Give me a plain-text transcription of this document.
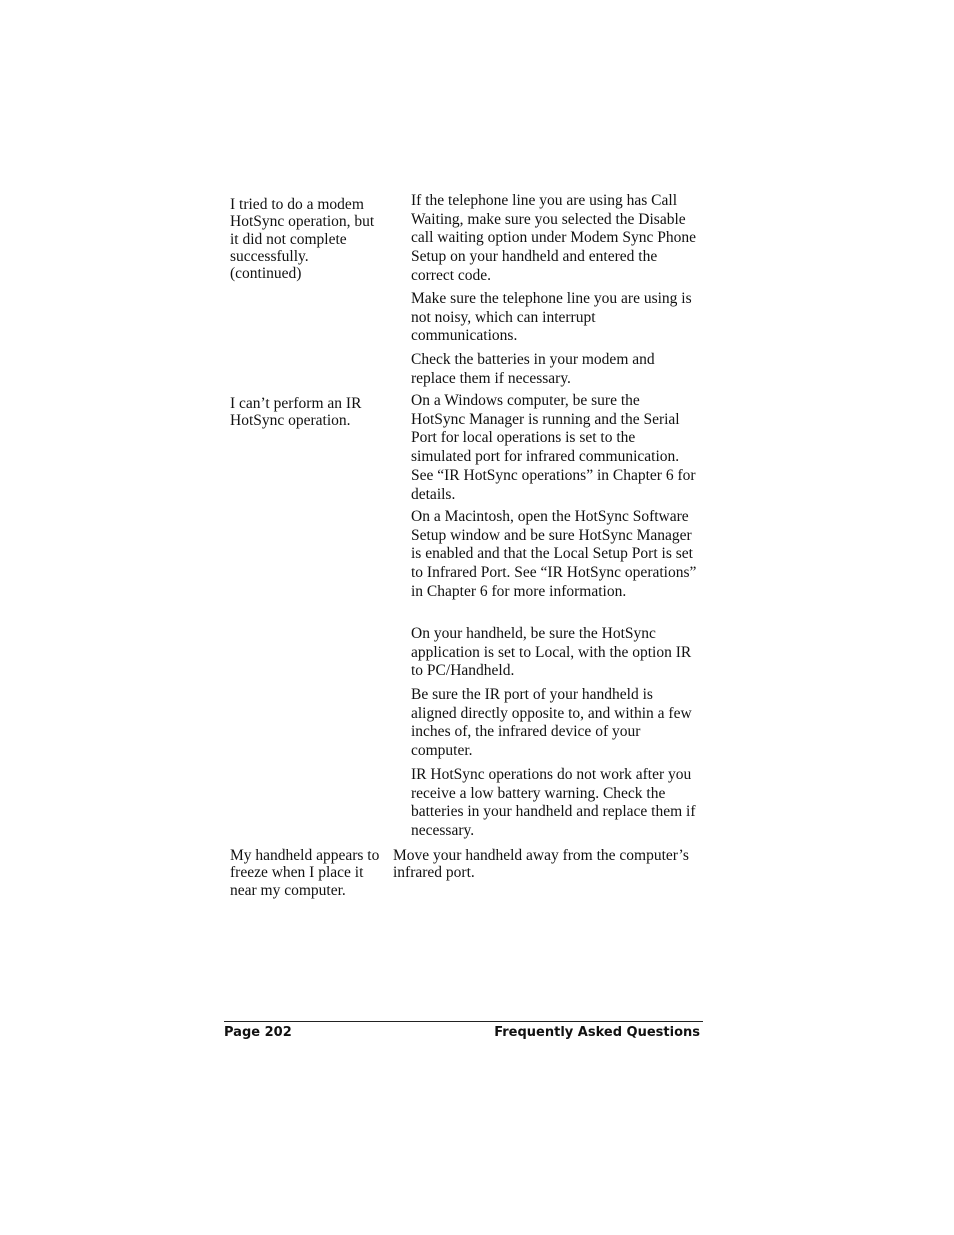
I tried to do a modem HotSync operation, but it did not complete successfully. (continued)

If the telephone line you are using has Call Waiting, make sure you selected the Disable call waiting option under Modem Sync Phone Setup on your handheld and entered the correct code.

Make sure the telephone line you are using is not noisy, which can interrupt communications.

Check the batteries in your modem and replace them if necessary.

I can’t perform an IR HotSync operation.

On a Windows computer, be sure the HotSync Manager is running and the Serial Port for local operations is set to the simulated port for infrared communication. See “IR HotSync operations” in Chapter 6 for details.

On a Macintosh, open the HotSync Software Setup window and be sure HotSync Manager is enabled and that the Local Setup Port is set to Infrared Port. See “IR HotSync operations” in Chapter 6 for more information.

On your handheld, be sure the HotSync application is set to Local, with the option IR to PC/Handheld.

Be sure the IR port of your handheld is aligned directly opposite to, and within a few inches of, the infrared device of your computer.

IR HotSync operations do not work after you receive a low battery warning. Check the batteries in your handheld and replace them if necessary.

My handheld appears to freeze when I place it near my computer.

Move your handheld away from the computer’s infrared port.

Page 202	Frequently Asked Questions
